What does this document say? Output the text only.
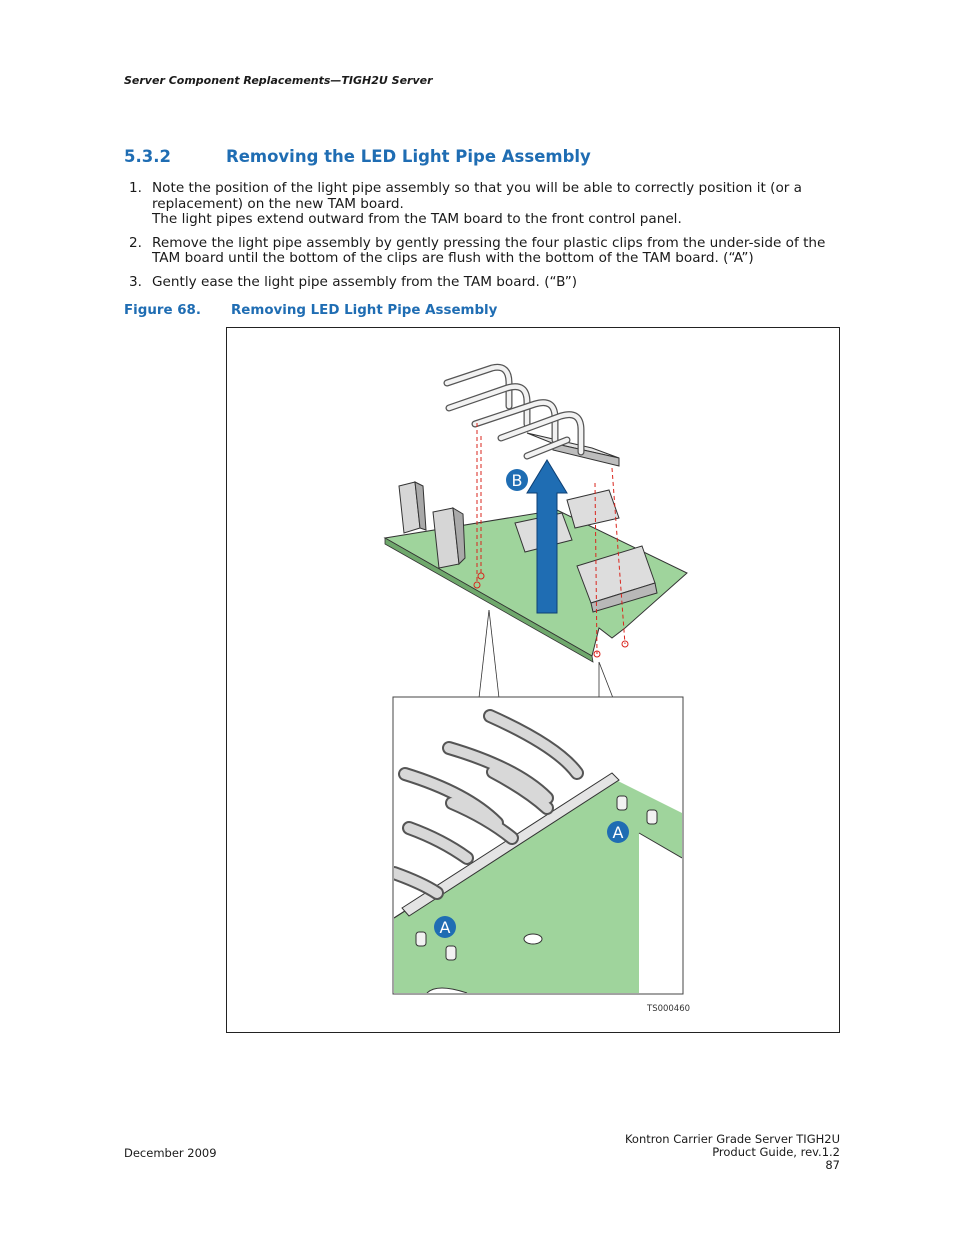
Server Component Replacements—TIGH2U Server
5.3.2	Removing the LED Light Pipe Assembly
1. Note the position of the light pipe assembly so that you will be able to correctly position it (or a replacement) on the new TAM board.
The light pipes extend outward from the TAM board to the front control panel.
2. Remove the light pipe assembly by gently pressing the four plastic clips from the under-side of the TAM board until the bottom of the clips are flush with the bottom of the TAM board. (“A”)
3. Gently ease the light pipe assembly from the TAM board. (“B”)
Figure 68. Removing LED Light Pipe Assembly
B
A
A
TS000460
December 2009
Kontron Carrier Grade Server TIGH2U
Product Guide, rev.1.2
87
